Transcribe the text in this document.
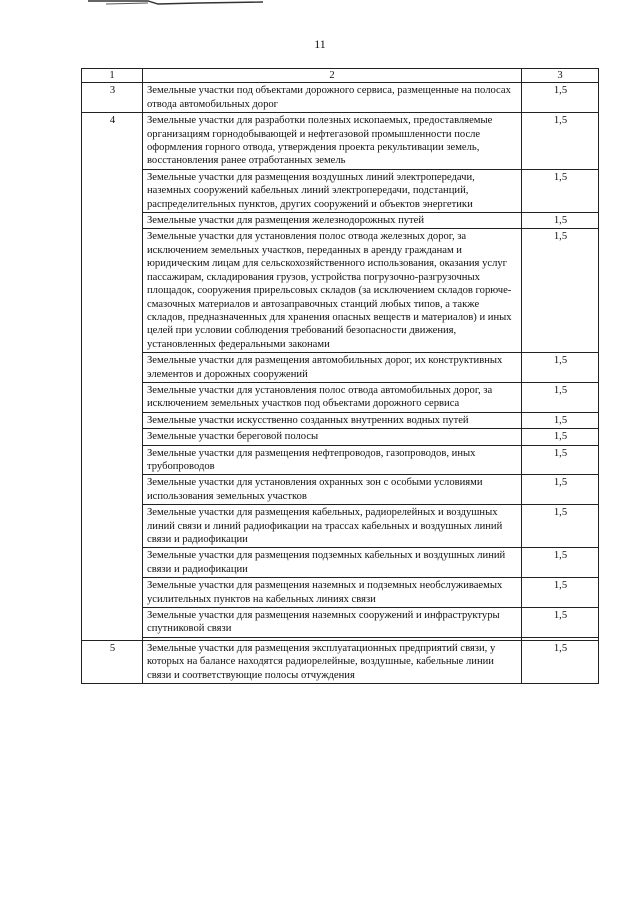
11
1	2	3
3	Земельные участки под объектами дорожного сервиса, размещенные на полосах отвода автомобильных дорог	1,5
4	Земельные участки для разработки полезных ископаемых, предоставляемые организациям горнодобывающей и нефтегазовой промышленности после оформления горного отвода, утверждения проекта рекультивации земель, восстановления ранее отработанных земель	1,5
	Земельные участки для размещения воздушных линий электропередачи, наземных сооружений кабельных линий электропередачи, подстанций, распределительных пунктов, других сооружений и объектов энергетики	1,5
	Земельные участки для размещения железнодорожных путей	1,5
	Земельные участки для установления полос отвода железных дорог, за исключением земельных участков, переданных в аренду гражданам и юридическим лицам для сельскохозяйственного использования, оказания услуг пассажирам, складирования грузов, устройства погрузочно-разгрузочных площадок, сооружения прирельсовых складов (за исключением складов горюче-смазочных материалов и автозаправочных станций любых типов, а также складов, предназначенных для хранения опасных веществ и материалов) и иных целей при условии соблюдения требований безопасности движения, установленных федеральными законами	1,5
	Земельные участки для размещения автомобильных дорог, их конструктивных элементов и дорожных сооружений	1,5
	Земельные участки для установления полос отвода автомобильных дорог, за исключением земельных участков под объектами дорожного сервиса	1,5
	Земельные участки искусственно созданных внутренних водных путей	1,5
	Земельные участки береговой полосы	1,5
	Земельные участки для размещения нефтепроводов, газопроводов, иных трубопроводов	1,5
	Земельные участки для установления охранных зон с особыми условиями использования земельных участков	1,5
	Земельные участки для размещения кабельных, радиорелейных и воздушных линий связи и линий радиофикации на трассах кабельных и воздушных линий связи и радиофикации	1,5
	Земельные участки для размещения подземных кабельных и воздушных линий связи и радиофикации	1,5
	Земельные участки для размещения наземных и подземных необслуживаемых усилительных пунктов на кабельных линиях связи	1,5
	Земельные участки для размещения наземных сооружений и инфраструктуры спутниковой связи	1,5

5	Земельные участки для размещения эксплуатационных предприятий связи, у которых на балансе находятся радиорелейные, воздушные, кабельные линии связи и соответствующие полосы отчуждения	1,5
